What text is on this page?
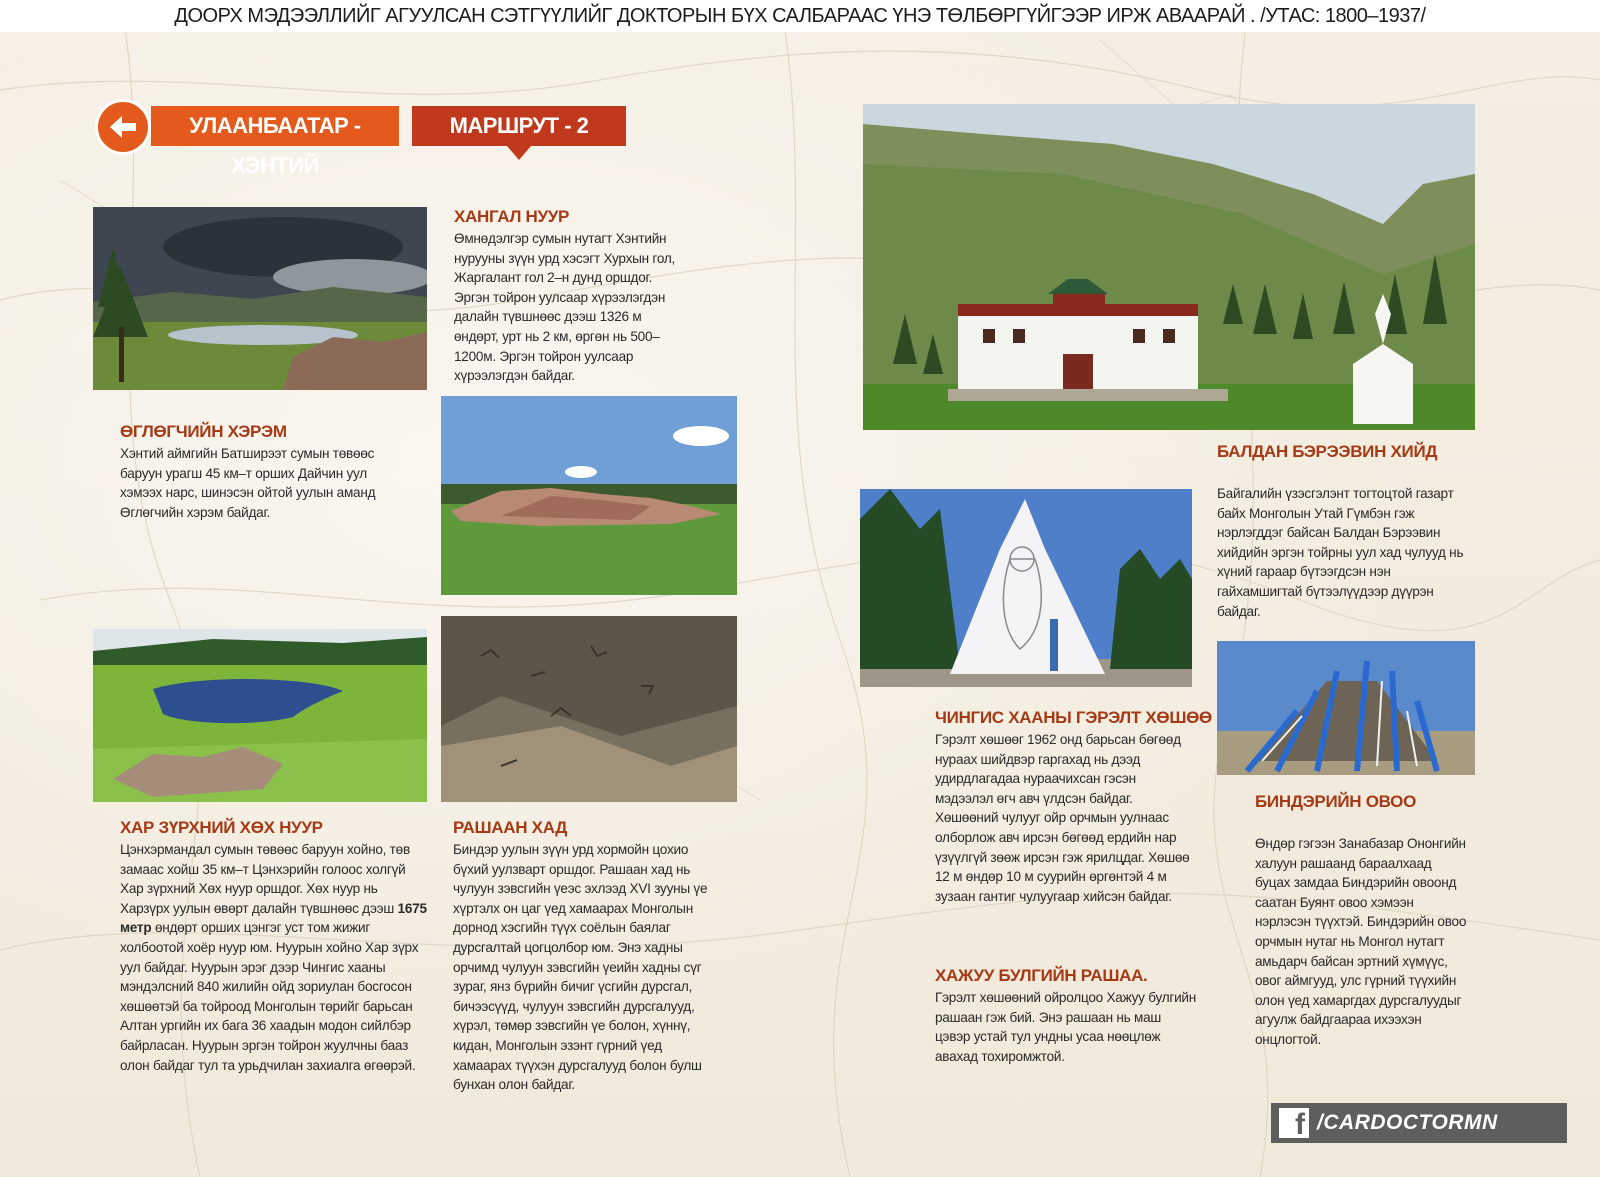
ДООРХ МЭДЭЭЛЛИЙГ АГУУЛСАН СЭТГҮҮЛИЙГ ДОКТОРЫН БҮХ САЛБАРААС ҮНЭ ТӨЛБӨРГҮЙГЭЭР ИРЖ АВААРАЙ . /УТАС: 1800–1937/
УЛААНБААТАР - ХЭНТИЙ
МАРШРУТ - 2
ХАНГАЛ НУУР
Өмнөдэлгэр сумын нутагт Хэнтийн нурууны зүүн урд хэсэгт Хурхын гол, Жаргалант гол 2–н дунд оршдог. Эргэн тойрон уулсаар хүрээлэгдэн далайн түвшнөөс дээш 1326 м өндөрт, урт нь 2 км, өргөн нь 500–1200м. Эргэн тойрон уулсаар хүрээлэгдэн байдаг.
ӨГЛӨГЧИЙН ХЭРЭМ
Хэнтий аймгийн Батширээт сумын төвөөс баруун урагш 45 км–т орших Дайчин уул хэмээх нарс, шинэсэн ойтой уулын аманд Өглөгчийн хэрэм байдаг.
ХАР ЗҮРХНИЙ ХӨХ НУУР
Цэнхэрмандал сумын төвөөс баруун хойно, төв замаас хойш 35 км–т Цэнхэрийн голоос холгүй Хар зүрхний Хөх нуур оршдог. Хөх нуур нь Харзүрх уулын өвөрт далайн түвшнөөс дээш 1675 метр өндөрт орших цэнгэг уст том жижиг холбоотой хоёр нуур юм. Нуурын хойно Хар зүрх уул байдаг. Нуурын эрэг дээр Чингис хааны мэндэлсний 840 жилийн ойд зориулан босгосон хөшөөтэй ба тойроод Монголын төрийг барьсан Алтан ургийн их бага 36 хаадын модон сийлбэр байрласан. Нуурын эргэн тойрон жуулчны бааз олон байдаг тул та урьдчилан захиалга өгөөрэй.
РАШААН ХАД
Биндэр уулын зүүн урд хормойн цохио бүхий уулзварт оршдог. Рашаан хад нь чулуун зэвсгийн үеэс эхлээд XVI зууны үе хүртэлх он цаг үед хамаарах Монголын дорнод хэсгийн түүх соёлын баялаг дурсгалтай цогцолбор юм. Энэ хадны орчимд чулуун зэвсгийн үеийн хадны сүг зураг, янз бүрийн бичиг үсгийн дурсгал, бичээсүүд, чулуун зэвсгийн дурсгалууд, хүрэл, төмөр зэвсгийн үе болон, хүннү, кидан, Монголын эзэнт гүрний үед хамаарах түүхэн дурсгалууд болон булш бунхан олон байдаг.
БАЛДАН БЭРЭЭВИН ХИЙД
Байгалийн үзэсгэлэнт тогтоцтой газарт байх Монголын Утай Гүмбэн гэж нэрлэгддэг байсан Балдан Бэрээвин хийдийн эргэн тойрны уул хад чулууд нь хүний гараар бүтээгдсэн нэн гайхамшигтай бүтээлүүдээр дүүрэн байдаг.
ЧИНГИС ХААНЫ ГЭРЭЛТ ХӨШӨӨ
Гэрэлт хөшөөг 1962 онд барьсан бөгөөд нураах шийдвэр гаргахад нь дээд удирдлагадаа нураачихсан гэсэн мэдээлэл өгч авч үлдсэн байдаг. Хөшөөний чулууг ойр орчмын уулнаас олборлож авч ирсэн бөгөөд ердийн нар үзүүлгүй зөөж ирсэн гэж ярилцдаг. Хөшөө 12 м өндөр 10 м суурийн өргөнтэй 4 м зузаан гантиг чулуугаар хийсэн байдаг.
ХАЖУУ БУЛГИЙН РАШАА.
Гэрэлт хөшөөний ойролцоо Хажуу булгийн рашаан гэж бий. Энэ рашаан нь маш цэвэр устай тул ундны усаа нөөцлөж авахад тохиромжтой.
БИНДЭРИЙН ОВОО
Өндөр гэгээн Занабазар Ононгийн халуун рашаанд бараалхаад буцах замдаа Биндэрийн овоонд саатан Буянт овоо хэмээн нэрлэсэн түүхтэй. Биндэрийн овоо орчмын нутаг нь Монгол нутагт амьдарч байсан эртний хүмүүс, овог аймгууд, улс гүрний түүхийн олон үед хамаргдах дурсгалуудыг агуулж байдгаараа ихээхэн онцлогтой.
f /CARDOCTORMN
